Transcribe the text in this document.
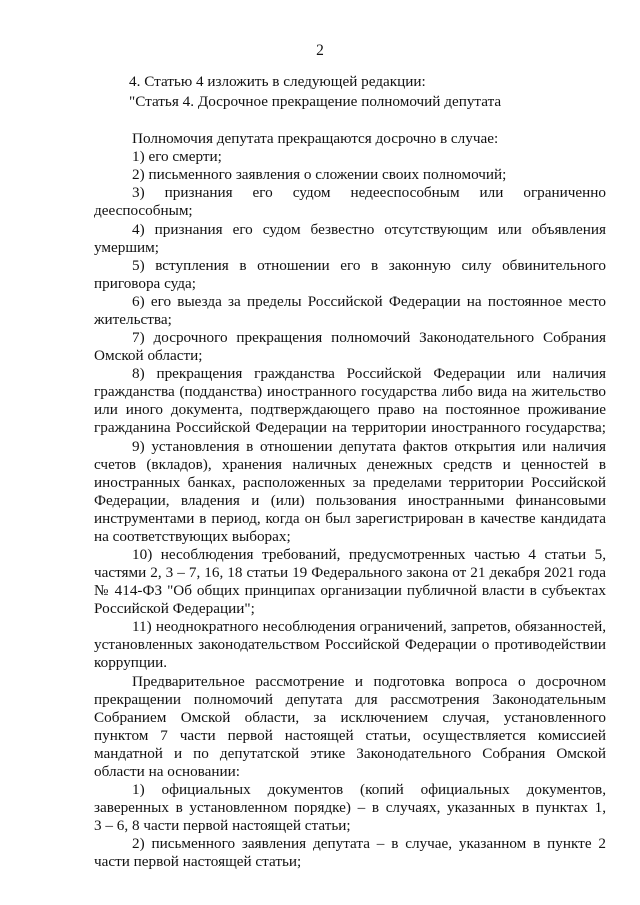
2
4. Статью 4 изложить в следующей редакции:
"Статья 4. Досрочное прекращение полномочий депутата
Полномочия депутата прекращаются досрочно в случае:
1) его смерти;
2) письменного заявления о сложении своих полномочий;
3) признания его судом недееспособным или ограниченно
дееспособным;
4) признания его судом безвестно отсутствующим или объявления
умершим;
5) вступления в отношении его в законную силу обвинительного
приговора суда;
6) его выезда за пределы Российской Федерации на постоянное место
жительства;
7) досрочного прекращения полномочий Законодательного Собрания
Омской области;
8) прекращения гражданства Российской Федерации или наличия
гражданства (подданства) иностранного государства либо вида на жительство
или иного документа, подтверждающего право на постоянное проживание
гражданина Российской Федерации на территории иностранного государства;
9) установления в отношении депутата фактов открытия или наличия
счетов (вкладов), хранения наличных денежных средств и ценностей в
иностранных банках, расположенных за пределами территории Российской
Федерации, владения и (или) пользования иностранными финансовыми
инструментами в период, когда он был зарегистрирован в качестве кандидата
на соответствующих выборах;
10) несоблюдения требований, предусмотренных частью 4 статьи 5,
частями 2, 3 – 7, 16, 18 статьи 19 Федерального закона от 21 декабря 2021 года
№ 414-ФЗ "Об общих принципах организации публичной власти в субъектах
Российской Федерации";
11) неоднократного несоблюдения ограничений, запретов, обязанностей,
установленных законодательством Российской Федерации о противодействии
коррупции.
Предварительное рассмотрение и подготовка вопроса о досрочном
прекращении полномочий депутата для рассмотрения Законодательным
Собранием Омской области, за исключением случая, установленного
пунктом 7 части первой настоящей статьи, осуществляется комиссией
мандатной и по депутатской этике Законодательного Собрания Омской
области на основании:
1) официальных документов (копий официальных документов,
заверенных в установленном порядке) – в случаях, указанных в пунктах 1,
3 – 6, 8 части первой настоящей статьи;
2) письменного заявления депутата – в случае, указанном в пункте 2
части первой настоящей статьи;
